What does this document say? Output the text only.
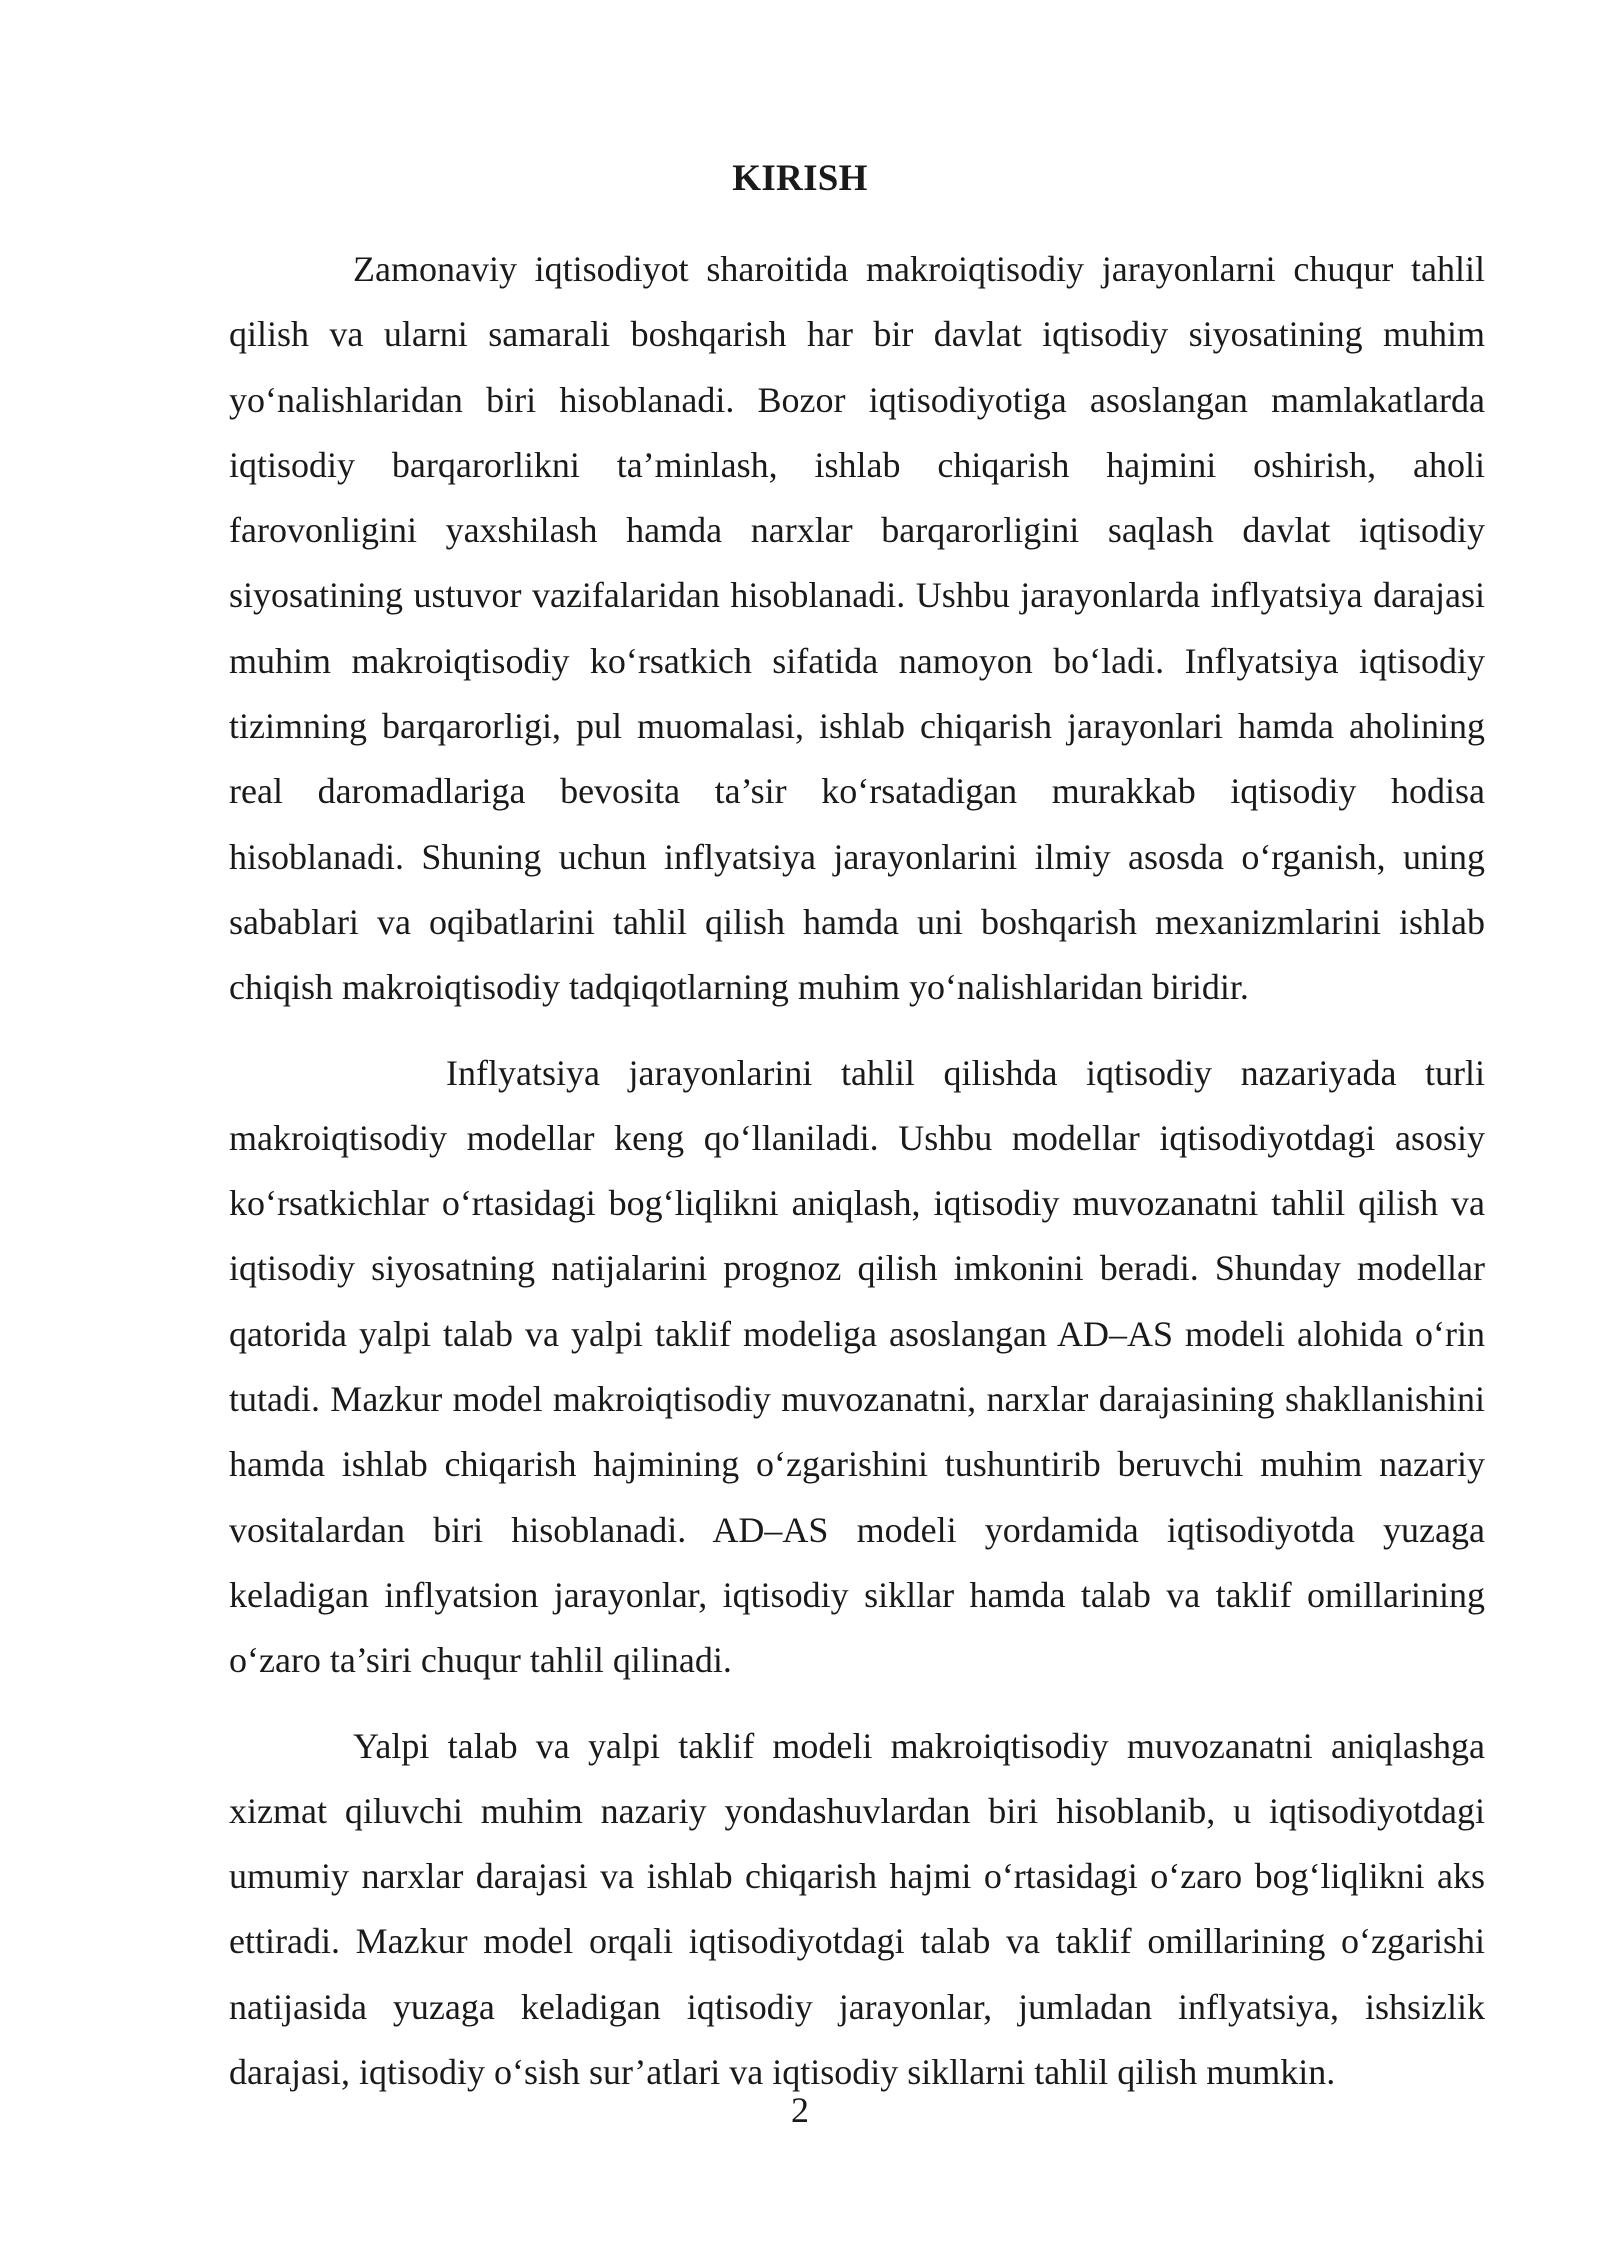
KIRISH

Zamonaviy iqtisodiyot sharoitida makroiqtisodiy jarayonlarni chuqur tahlil qilish va ularni samarali boshqarish har bir davlat iqtisodiy siyosatining muhim yoʻnalishlaridan biri hisoblanadi. Bozor iqtisodiyotiga asoslangan mamlakatlarda iqtisodiy barqarorlikni ta’minlash, ishlab chiqarish hajmini oshirish, aholi farovonligini yaxshilash hamda narxlar barqarorligini saqlash davlat iqtisodiy siyosatining ustuvor vazifalaridan hisoblanadi. Ushbu jarayonlarda inflyatsiya darajasi muhim makroiqtisodiy koʻrsatkich sifatida namoyon boʻladi. Inflyatsiya iqtisodiy tizimning barqarorligi, pul muomalasi, ishlab chiqarish jarayonlari hamda aholining real daromadlariga bevosita ta’sir koʻrsatadigan murakkab iqtisodiy hodisa hisoblanadi. Shuning uchun inflyatsiya jarayonlarini ilmiy asosda oʻrganish, uning sabablari va oqibatlarini tahlil qilish hamda uni boshqarish mexanizmlarini ishlab chiqish makroiqtisodiy tadqiqotlarning muhim yoʻnalishlaridan biridir.

Inflyatsiya jarayonlarini tahlil qilishda iqtisodiy nazariyada turli makroiqtisodiy modellar keng qoʻllaniladi. Ushbu modellar iqtisodiyotdagi asosiy koʻrsatkichlar oʻrtasidagi bogʻliqlikni aniqlash, iqtisodiy muvozanatni tahlil qilish va iqtisodiy siyosatning natijalarini prognoz qilish imkonini beradi. Shunday modellar qatorida yalpi talab va yalpi taklif modeliga asoslangan AD–AS modeli alohida oʻrin tutadi. Mazkur model makroiqtisodiy muvozanatni, narxlar darajasining shakllanishini hamda ishlab chiqarish hajmining oʻzgarishini tushuntirib beruvchi muhim nazariy vositalardan biri hisoblanadi. AD–AS modeli yordamida iqtisodiyotda yuzaga keladigan inflyatsion jarayonlar, iqtisodiy sikllar hamda talab va taklif omillarining oʻzaro ta’siri chuqur tahlil qilinadi.

Yalpi talab va yalpi taklif modeli makroiqtisodiy muvozanatni aniqlashga xizmat qiluvchi muhim nazariy yondashuvlardan biri hisoblanib, u iqtisodiyotdagi umumiy narxlar darajasi va ishlab chiqarish hajmi oʻrtasidagi oʻzaro bogʻliqlikni aks ettiradi. Mazkur model orqali iqtisodiyotdagi talab va taklif omillarining oʻzgarishi natijasida yuzaga keladigan iqtisodiy jarayonlar, jumladan inflyatsiya, ishsizlik darajasi, iqtisodiy oʻsish sur’atlari va iqtisodiy sikllarni tahlil qilish mumkin.

2
